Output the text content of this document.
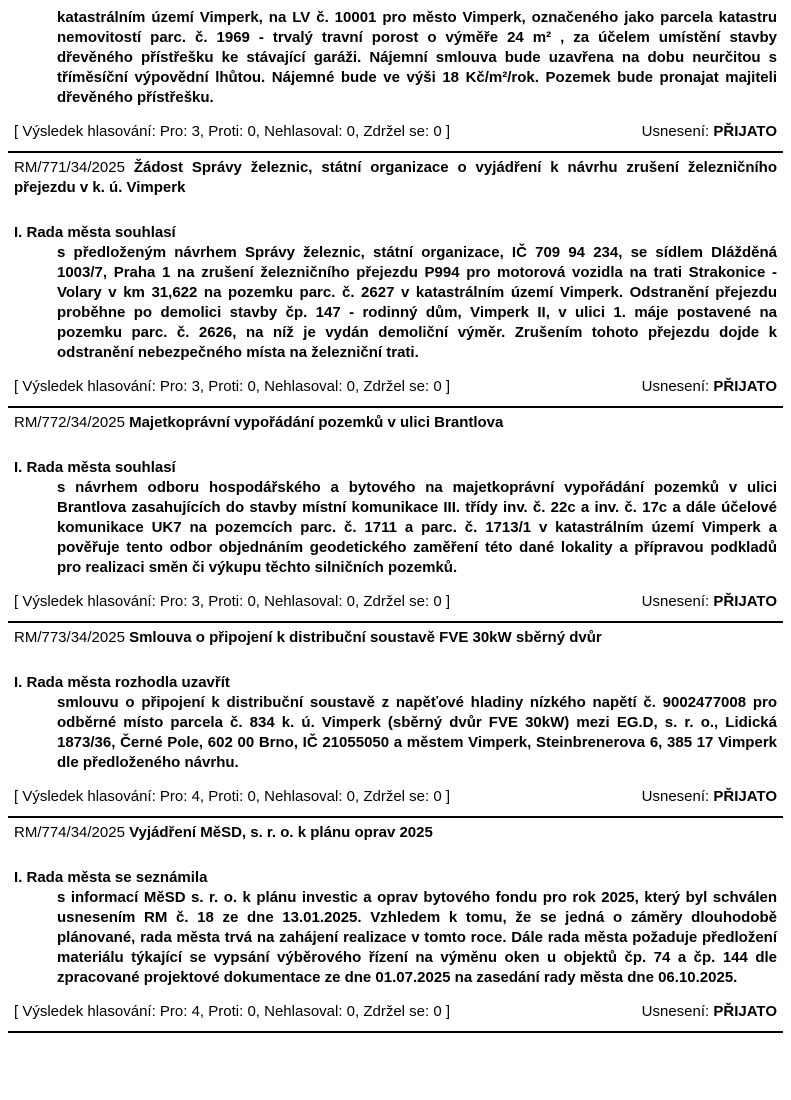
katastrálním území Vimperk, na LV č. 10001 pro město Vimperk, označeného jako parcela katastru nemovitostí parc. č. 1969 - trvalý travní porost o výměře 24 m² , za účelem umístění stavby dřevěného přístřešku ke stávající garáži. Nájemní smlouva bude uzavřena na dobu neurčitou s tříměsíční výpovědní lhůtou. Nájemné bude ve výši 18 Kč/m²/rok. Pozemek bude pronajat majiteli dřevěného přístřešku.

[ Výsledek hlasování: Pro: 3, Proti: 0, Nehlasoval: 0, Zdržel se: 0 ]	Usnesení: PŘIJATO

RM/771/34/2025 Žádost Správy železnic, státní organizace o vyjádření k návrhu zrušení železničního přejezdu v k. ú. Vimperk

I. Rada města souhlasí

s předloženým návrhem Správy železnic, státní organizace, IČ 709 94 234, se sídlem Dlážděná 1003/7, Praha 1 na zrušení železničního přejezdu P994 pro motorová vozidla na trati Strakonice - Volary v km 31,622 na pozemku parc. č. 2627 v katastrálním území Vimperk. Odstranění přejezdu proběhne po demolici stavby čp. 147 - rodinný dům, Vimperk II, v ulici 1. máje postavené na pozemku parc. č. 2626, na níž je vydán demoliční výměr. Zrušením tohoto přejezdu dojde k odstranění nebezpečného místa na železniční trati.

[ Výsledek hlasování: Pro: 3, Proti: 0, Nehlasoval: 0, Zdržel se: 0 ]	Usnesení: PŘIJATO

RM/772/34/2025 Majetkoprávní vypořádání pozemků v ulici Brantlova

I. Rada města souhlasí

s návrhem odboru hospodářského a bytového na majetkoprávní vypořádání pozemků v ulici Brantlova zasahujících do stavby místní komunikace III. třídy inv. č. 22c a inv. č. 17c a dále účelové komunikace UK7 na pozemcích parc. č. 1711 a parc. č. 1713/1 v katastrálním území Vimperk a pověřuje tento odbor objednáním geodetického zaměření této dané lokality a přípravou podkladů pro realizaci směn či výkupu těchto silničních pozemků.

[ Výsledek hlasování: Pro: 3, Proti: 0, Nehlasoval: 0, Zdržel se: 0 ]	Usnesení: PŘIJATO

RM/773/34/2025 Smlouva o připojení k distribuční soustavě FVE 30kW sběrný dvůr

I. Rada města rozhodla uzavřít

smlouvu o připojení k distribuční soustavě z napěťové hladiny nízkého napětí č. 9002477008 pro odběrné místo parcela č. 834 k. ú. Vimperk (sběrný dvůr FVE 30kW) mezi EG.D, s. r. o., Lidická 1873/36, Černé Pole, 602 00 Brno, IČ 21055050 a městem Vimperk, Steinbrenerova 6, 385 17 Vimperk dle předloženého návrhu.

[ Výsledek hlasování: Pro: 4, Proti: 0, Nehlasoval: 0, Zdržel se: 0 ]	Usnesení: PŘIJATO

RM/774/34/2025 Vyjádření MěSD, s. r. o. k plánu oprav 2025

I. Rada města se seznámila

s informací MěSD s. r. o. k plánu investic a oprav bytového fondu pro rok 2025, který byl schválen usnesením RM č. 18 ze dne 13.01.2025. Vzhledem k tomu, že se jedná o záměry dlouhodobě plánované, rada města trvá na zahájení realizace v tomto roce. Dále rada města požaduje předložení materiálu týkající se vypsání výběrového řízení na výměnu oken u objektů čp. 74 a čp. 144 dle zpracované projektové dokumentace ze dne 01.07.2025 na zasedání rady města dne 06.10.2025.

[ Výsledek hlasování: Pro: 4, Proti: 0, Nehlasoval: 0, Zdržel se: 0 ]	Usnesení: PŘIJATO
